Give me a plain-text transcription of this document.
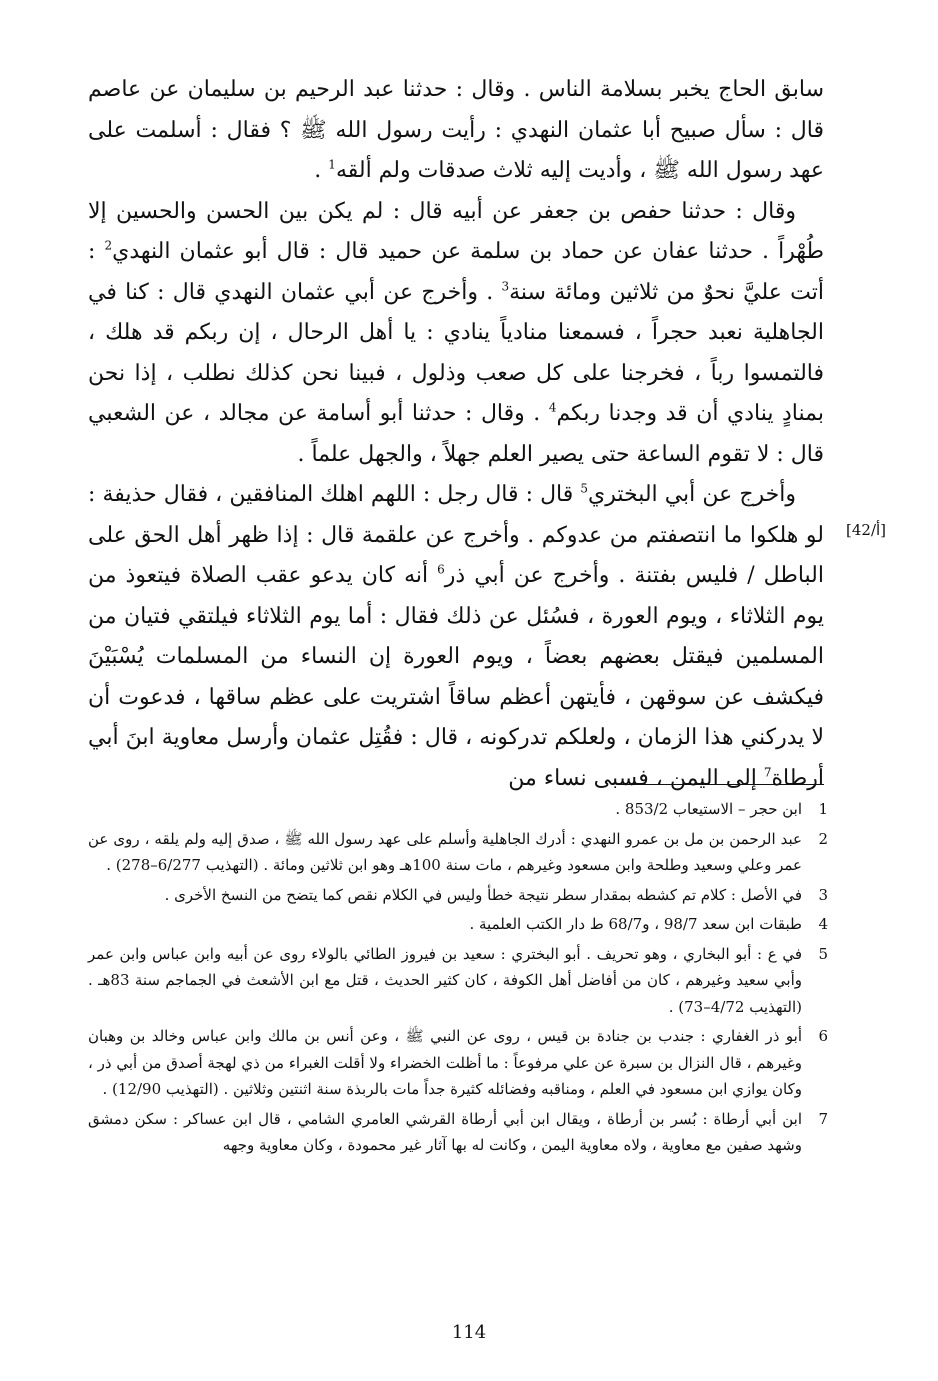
سابق الحاج يخبر بسلامة الناس . وقال : حدثنا عبد الرحيم بن سليمان عن عاصم قال : سأل صبيح أبا عثمان النهدي : رأيت رسول الله ﷺ ؟ فقال : أسلمت على عهد رسول الله ﷺ ، وأديت إليه ثلاث صدقات ولم ألقه$^1$ .

وقال : حدثنا حفص بن جعفر عن أبيه قال : لم يكن بين الحسن والحسين إلا طُهْراً . حدثنا عفان عن حماد بن سلمة عن حميد قال : قال أبو عثمان النهدي$^2$ : أتت عليَّ نحوٌ من ثلاثين ومائة سنة$^3$ . وأخرج عن أبي عثمان النهدي قال : كنا في الجاهلية نعبد حجراً ، فسمعنا منادياً ينادي : يا أهل الرحال ، إن ربكم قد هلك ، فالتمسوا رباً ، فخرجنا على كل صعب وذلول ، فبينا نحن كذلك نطلب ، إذا نحن بمنادٍ ينادي أن قد وجدنا ربكم$^4$ . وقال : حدثنا أبو أسامة عن مجالد ، عن الشعبي قال : لا تقوم الساعة حتى يصير العلم جهلاً ، والجهل علماً .

وأخرج عن أبي البختري$^5$ قال : قال رجل : اللهم اهلك المنافقين ، فقال حذيفة : لو هلكوا ما انتصفتم من عدوكم . وأخرج عن علقمة قال : إذا ظهر أهل الحق على الباطل / فليس بفتنة . وأخرج عن أبي ذر$^6$ أنه كان يدعو عقب الصلاة فيتعوذ من يوم الثلاثاء ، ويوم العورة ، فسُئل عن ذلك فقال : أما يوم الثلاثاء فيلتقي فتيان من المسلمين فيقتل بعضهم بعضاً ، ويوم العورة إن النساء من المسلمات يُسْبَيْنَ فيكشف عن سوقهن ، فأيتهن أعظم ساقاً اشتريت على عظم ساقها ، فدعوت أن لا يدركني هذا الزمان ، ولعلكم تدركونه ، قال : فقُتِل عثمان وأرسل معاوية ابنَ أبي أرطاة$^7$ إلى اليمن ، فسبى نساء من

[42/أ]
1
ابن حجر – الاستيعاب 853/2 .
2
عبد الرحمن بن مل بن عمرو النهدي : أدرك الجاهلية وأسلم على عهد رسول الله ﷺ ، صدق إليه ولم يلقه ، روى عن عمر وعلي وسعيد وطلحة وابن مسعود وغيرهم ، مات سنة 100هـ وهو ابن ثلاثين ومائة . (التهذيب 6/277–278) .
3
في الأصل : كلام تم كشطه بمقدار سطر نتيجة خطأ وليس في الكلام نقص كما يتضح من النسخ الأخرى .
4
طبقات ابن سعد 98/7 ، و68/7 ط دار الكتب العلمية .
5
في ع : أبو البخاري ، وهو تحريف . أبو البختري : سعيد بن فيروز الطائي بالولاء روى عن أبيه وابن عباس وابن عمر وأبي سعيد وغيرهم ، كان من أفاضل أهل الكوفة ، كان كثير الحديث ، قتل مع ابن الأشعث في الجماجم سنة 83هـ . (التهذيب 4/72–73) .
6
أبو ذر الغفاري : جندب بن جنادة بن قيس ، روى عن النبي ﷺ ، وعن أنس بن مالك وابن عباس وخالد بن وهبان وغيرهم ، قال النزال بن سبرة عن علي مرفوعاً : ما أظلت الخضراء ولا أقلت الغبراء من ذي لهجة أصدق من أبي ذر ، وكان يوازي ابن مسعود في العلم ، ومناقبه وفضائله كثيرة جداً مات بالربذة سنة اثنتين وثلاثين . (التهذيب 12/90) .
7
ابن أبي أرطاة : بُسر بن أرطاة ، ويقال ابن أبي أرطاة القرشي العامري الشامي ، قال ابن عساكر : سكن دمشق وشهد صفين مع معاوية ، ولاه معاوية اليمن ، وكانت له بها آثار غير محمودة ، وكان معاوية وجهه
114
